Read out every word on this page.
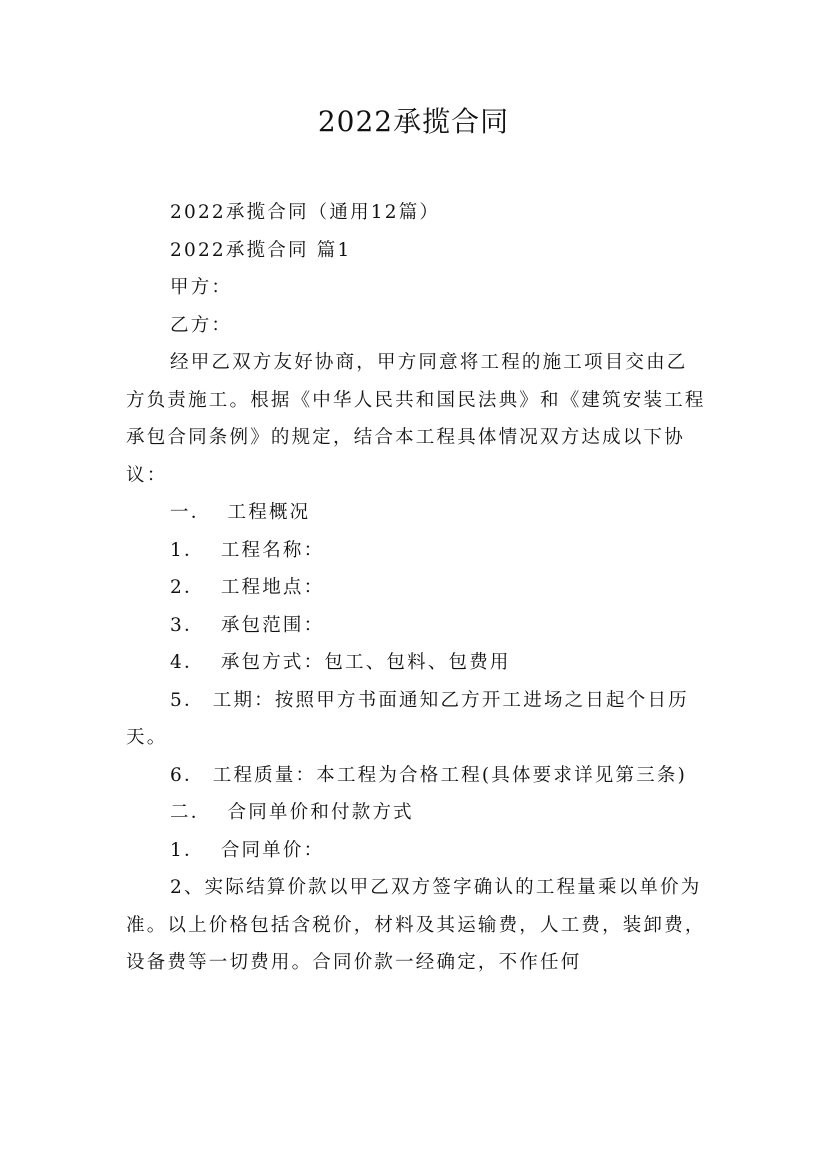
2022承揽合同

2022承揽合同（通用12篇）

2022承揽合同 篇1

甲方：

乙方：

经甲乙双方友好协商，甲方同意将工程的施工项目交由乙方负责施工。根据《中华人民共和国民法典》和《建筑安装工程承包合同条例》的规定，结合本工程具体情况双方达成以下协议：

一．  工程概况

1．  工程名称：

2．  工程地点：

3．  承包范围：

4．  承包方式：包工、包料、包费用

5． 工期：按照甲方书面通知乙方开工进场之日起个日历天。

6． 工程质量：本工程为合格工程(具体要求详见第三条)

二．  合同单价和付款方式

1．  合同单价：

2、实际结算价款以甲乙双方签字确认的工程量乘以单价为准。以上价格包括含税价，材料及其运输费，人工费，装卸费，设备费等一切费用。合同价款一经确定，不作任何
